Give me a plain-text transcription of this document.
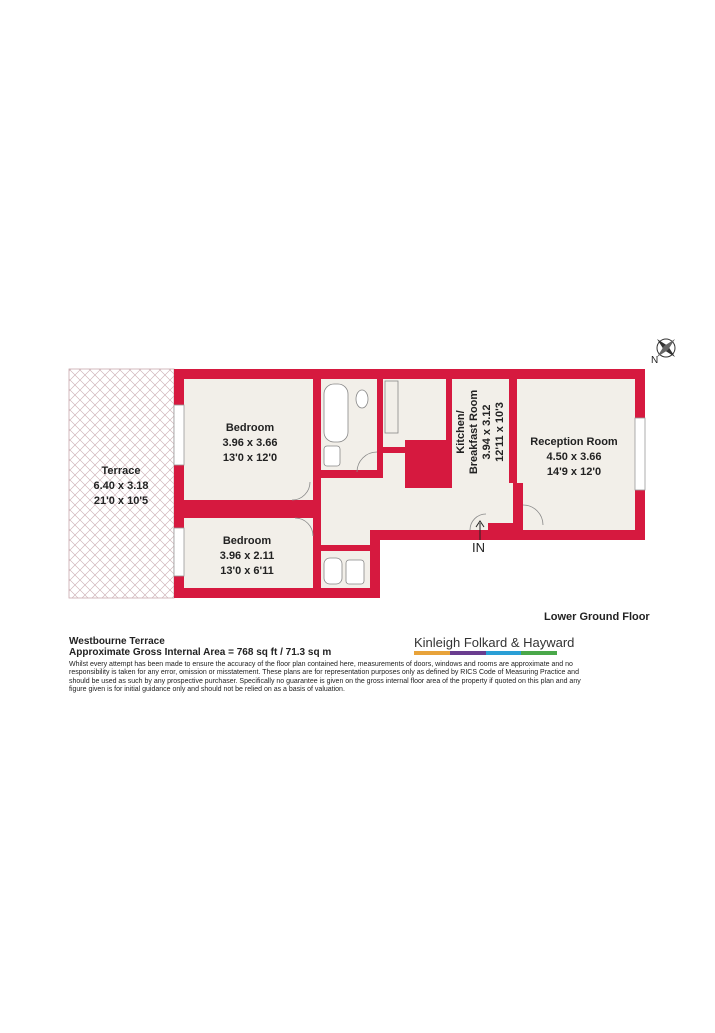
Terrace
6.40 x 3.18
21'0 x 10'5
Bedroom
3.96 x 3.66
13'0 x 12'0
Bedroom
3.96 x 2.11
13'0 x 6'11
Kitchen/ Breakfast Room 3.94 x 3.12 12'11 x 10'3 Reception Room
4.50 x 3.66
14'9 x 12'0
IN
N
Lower Ground Floor
Westbourne Terrace
Approximate Gross Internal Area = 768 sq ft / 71.3 sq m
Whilst every attempt has been made to ensure the accuracy of the floor plan contained here, measurements of doors, windows and rooms are approximate and no responsibility is taken for any error, omission or misstatement. These plans are for representation purposes only as defined by RICS Code of Measuring Practice and should be used as such by any prospective purchaser. Specifically no guarantee is given on the gross internal floor area of the property if quoted on this plan and any figure given is for initial guidance only and should not be relied on as a basis of valuation.
Kinleigh Folkard & Hayward
